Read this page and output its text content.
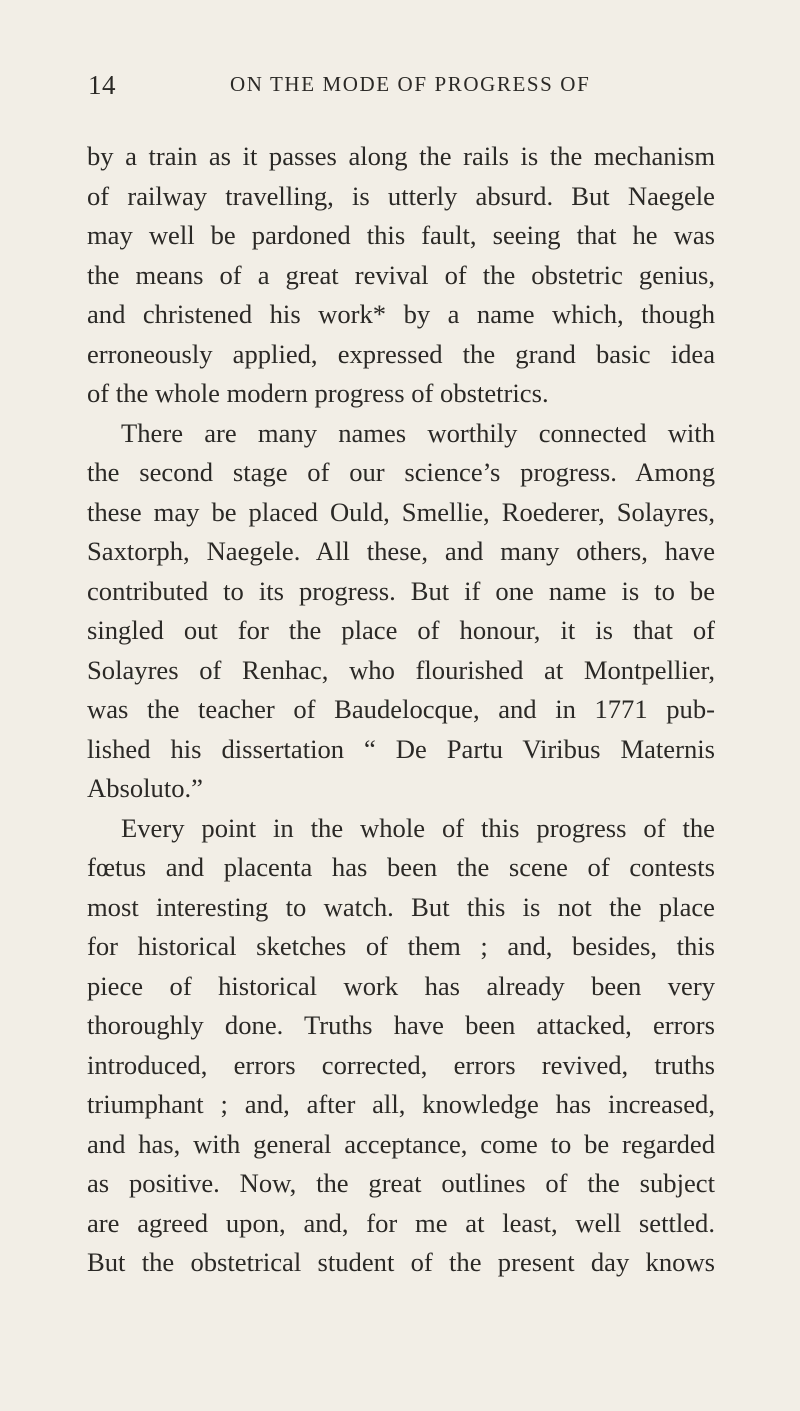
14	ON THE MODE OF PROGRESS OF
by a train as it passes along the rails is the mechanism
of railway travelling, is utterly absurd. But Naegele
may well be pardoned this fault, seeing that he was
the means of a great revival of the obstetric genius,
and christened his work* by a name which, though
erroneously applied, expressed the grand basic idea
of the whole modern progress of obstetrics.
There are many names worthily connected with
the second stage of our science’s progress. Among
these may be placed Ould, Smellie, Roederer, Solayres,
Saxtorph, Naegele. All these, and many others, have
contributed to its progress. But if one name is to be
singled out for the place of honour, it is that of
Solayres of Renhac, who flourished at Montpellier,
was the teacher of Baudelocque, and in 1771 pub-
lished his dissertation “ De Partu Viribus Maternis
Absoluto.”
Every point in the whole of this progress of the
fœtus and placenta has been the scene of contests
most interesting to watch. But this is not the place
for historical sketches of them ; and, besides, this
piece of historical work has already been very
thoroughly done. Truths have been attacked, errors
introduced, errors corrected, errors revived, truths
triumphant ; and, after all, knowledge has increased,
and has, with general acceptance, come to be regarded
as positive. Now, the great outlines of the subject
are agreed upon, and, for me at least, well settled.
But the obstetrical student of the present day knows
